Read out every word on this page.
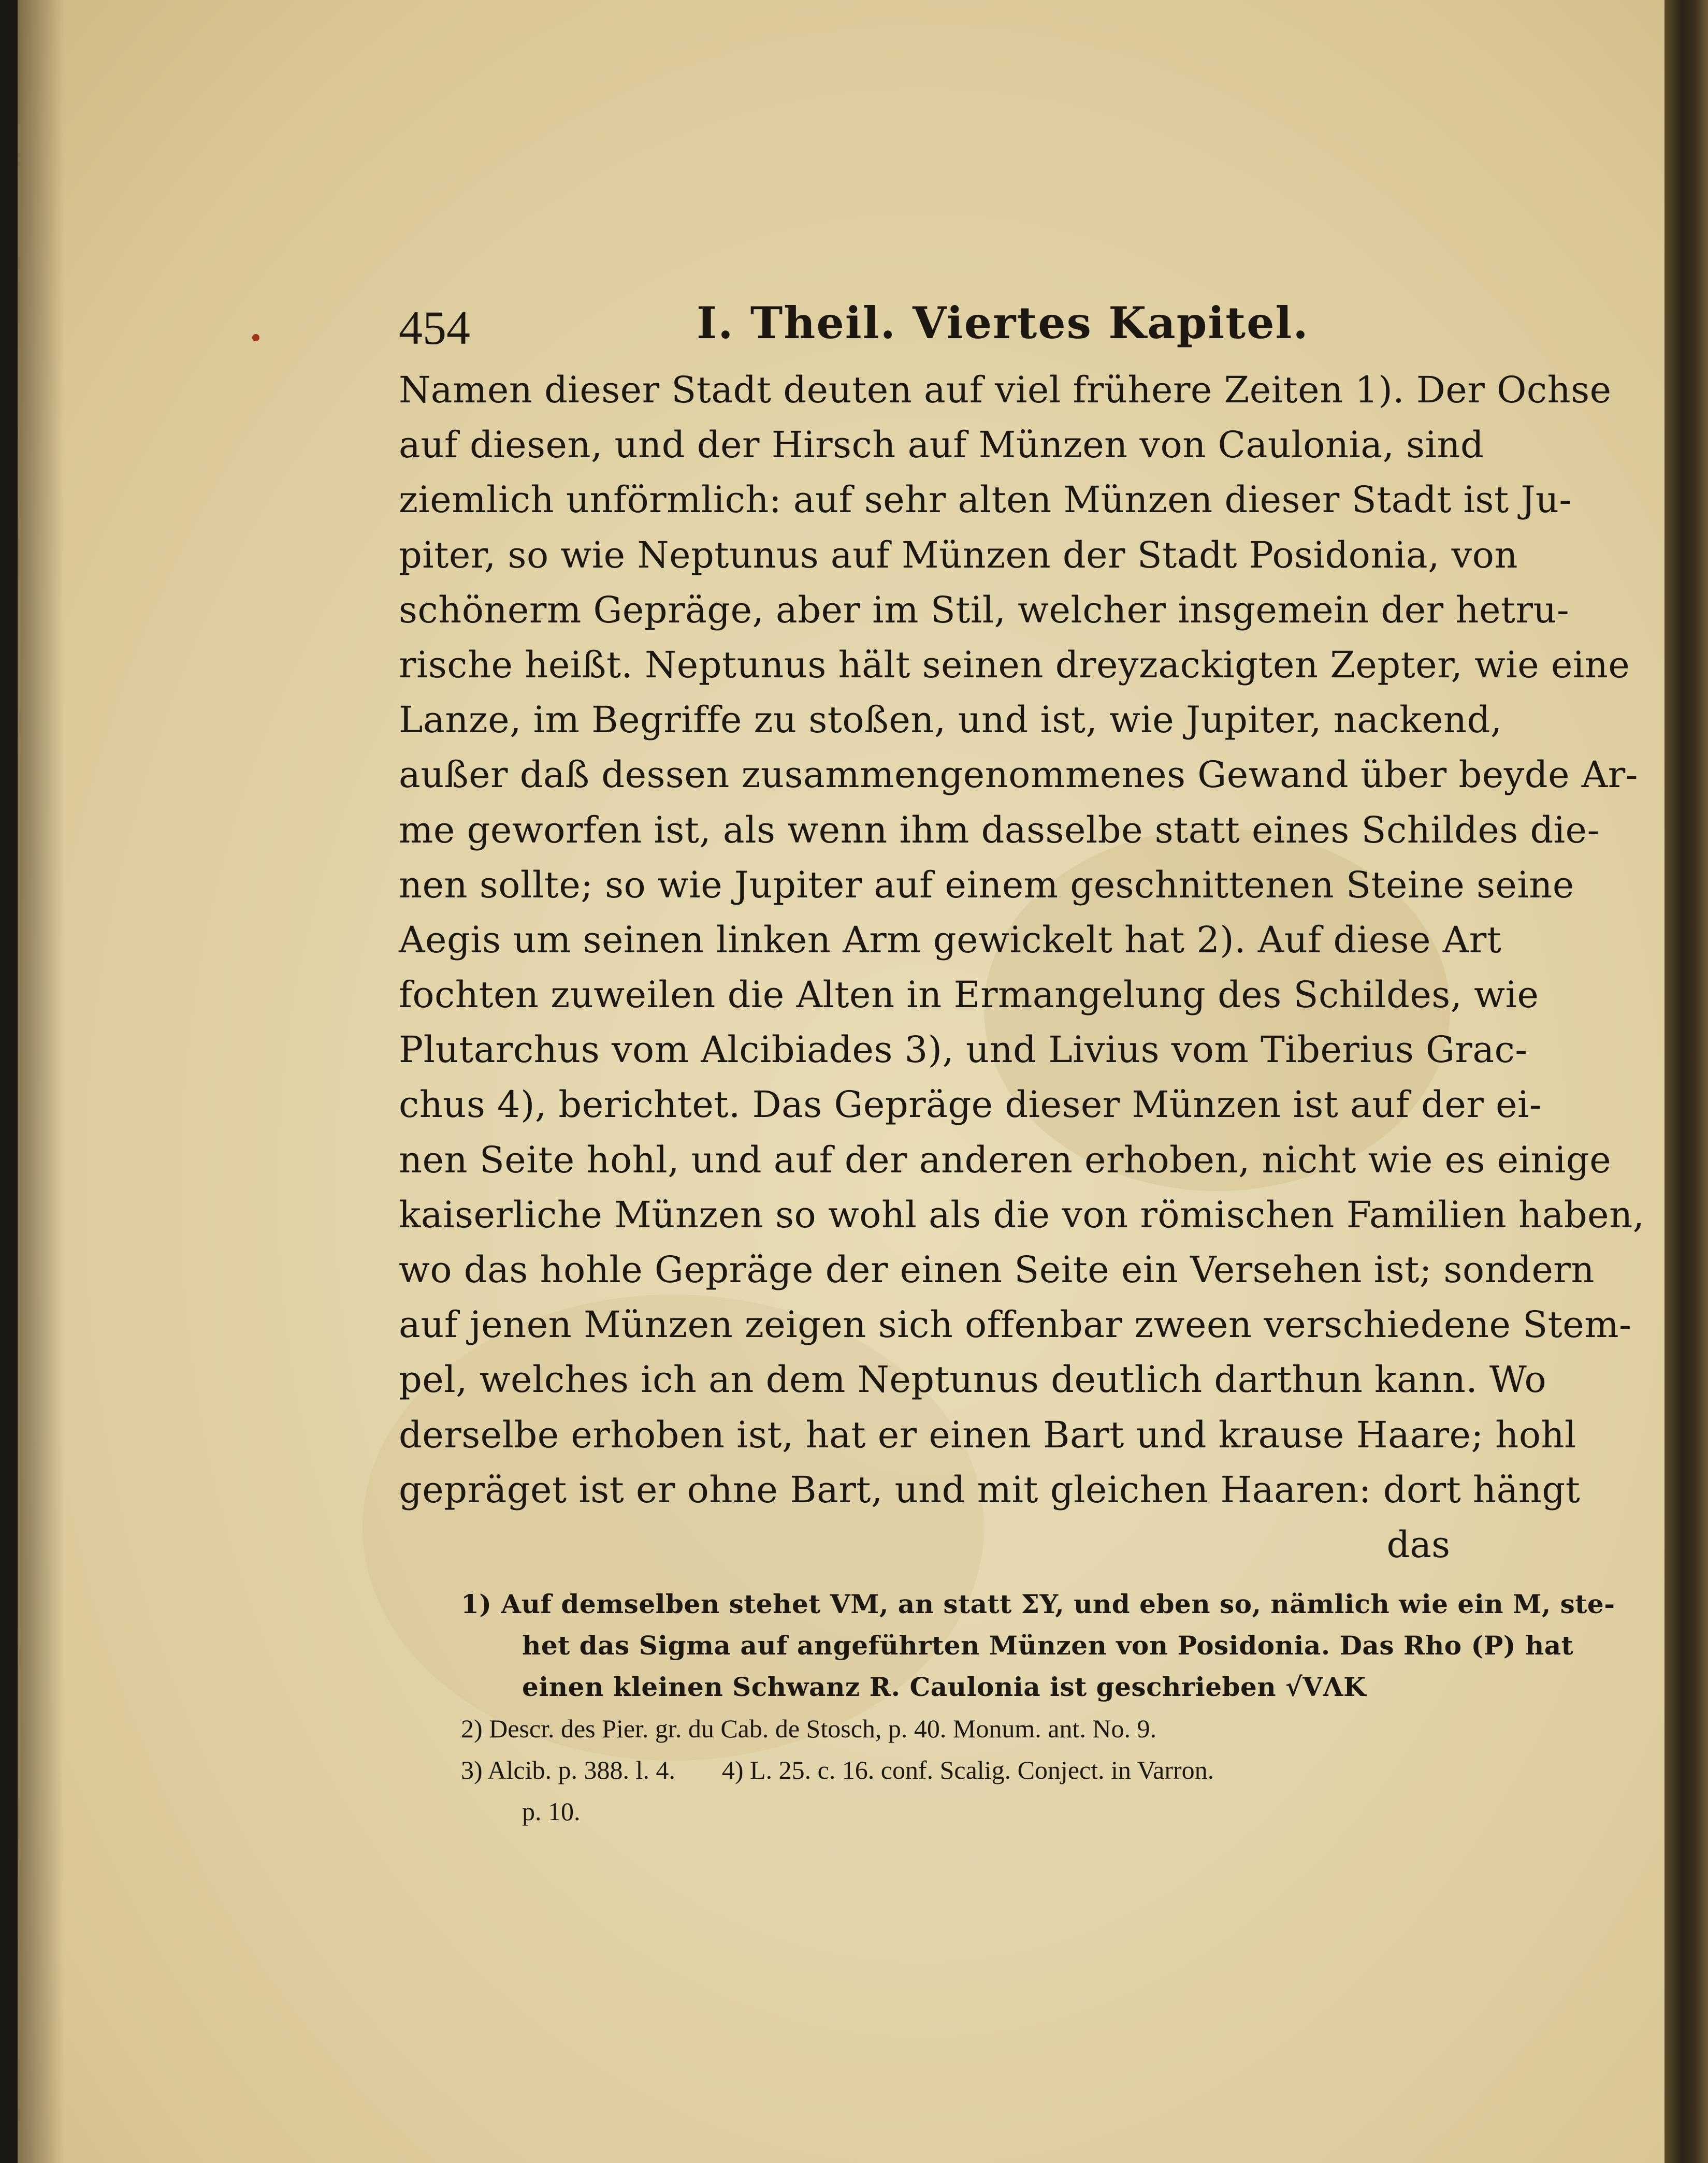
454	I. Theil. Viertes Kapitel.
Namen dieser Stadt deuten auf viel frühere Zeiten 1). Der Ochse
auf diesen, und der Hirsch auf Münzen von Caulonia, sind
ziemlich unförmlich: auf sehr alten Münzen dieser Stadt ist Ju-
piter, so wie Neptunus auf Münzen der Stadt Posidonia, von
schönerm Gepräge, aber im Stil, welcher insgemein der hetru-
rische heißt. Neptunus hält seinen dreyzackigten Zepter, wie eine
Lanze, im Begriffe zu stoßen, und ist, wie Jupiter, nackend,
außer daß dessen zusammengenommenes Gewand über beyde Ar-
me geworfen ist, als wenn ihm dasselbe statt eines Schildes die-
nen sollte; so wie Jupiter auf einem geschnittenen Steine seine
Aegis um seinen linken Arm gewickelt hat 2). Auf diese Art
fochten zuweilen die Alten in Ermangelung des Schildes, wie
Plutarchus vom Alcibiades 3), und Livius vom Tiberius Grac-
chus 4), berichtet. Das Gepräge dieser Münzen ist auf der ei-
nen Seite hohl, und auf der anderen erhoben, nicht wie es einige
kaiserliche Münzen so wohl als die von römischen Familien haben,
wo das hohle Gepräge der einen Seite ein Versehen ist; sondern
auf jenen Münzen zeigen sich offenbar zween verschiedene Stem-
pel, welches ich an dem Neptunus deutlich darthun kann. Wo
derselbe erhoben ist, hat er einen Bart und krause Haare; hohl
gepräget ist er ohne Bart, und mit gleichen Haaren: dort hängt
das
1) Auf demselben stehet VM, an statt ΣY, und eben so, nämlich wie ein M, ste-
het das Sigma auf angeführten Münzen von Posidonia. Das Rho (P) hat
einen kleinen Schwanz R. Caulonia ist geschrieben √VΛΚ
2) Descr. des Pier. gr. du Cab. de Stosch, p. 40. Monum. ant. No. 9.
3) Alcib. p. 388. l. 4. 4) L. 25. c. 16. conf. Scalig. Conject. in Varron.
p. 10.
